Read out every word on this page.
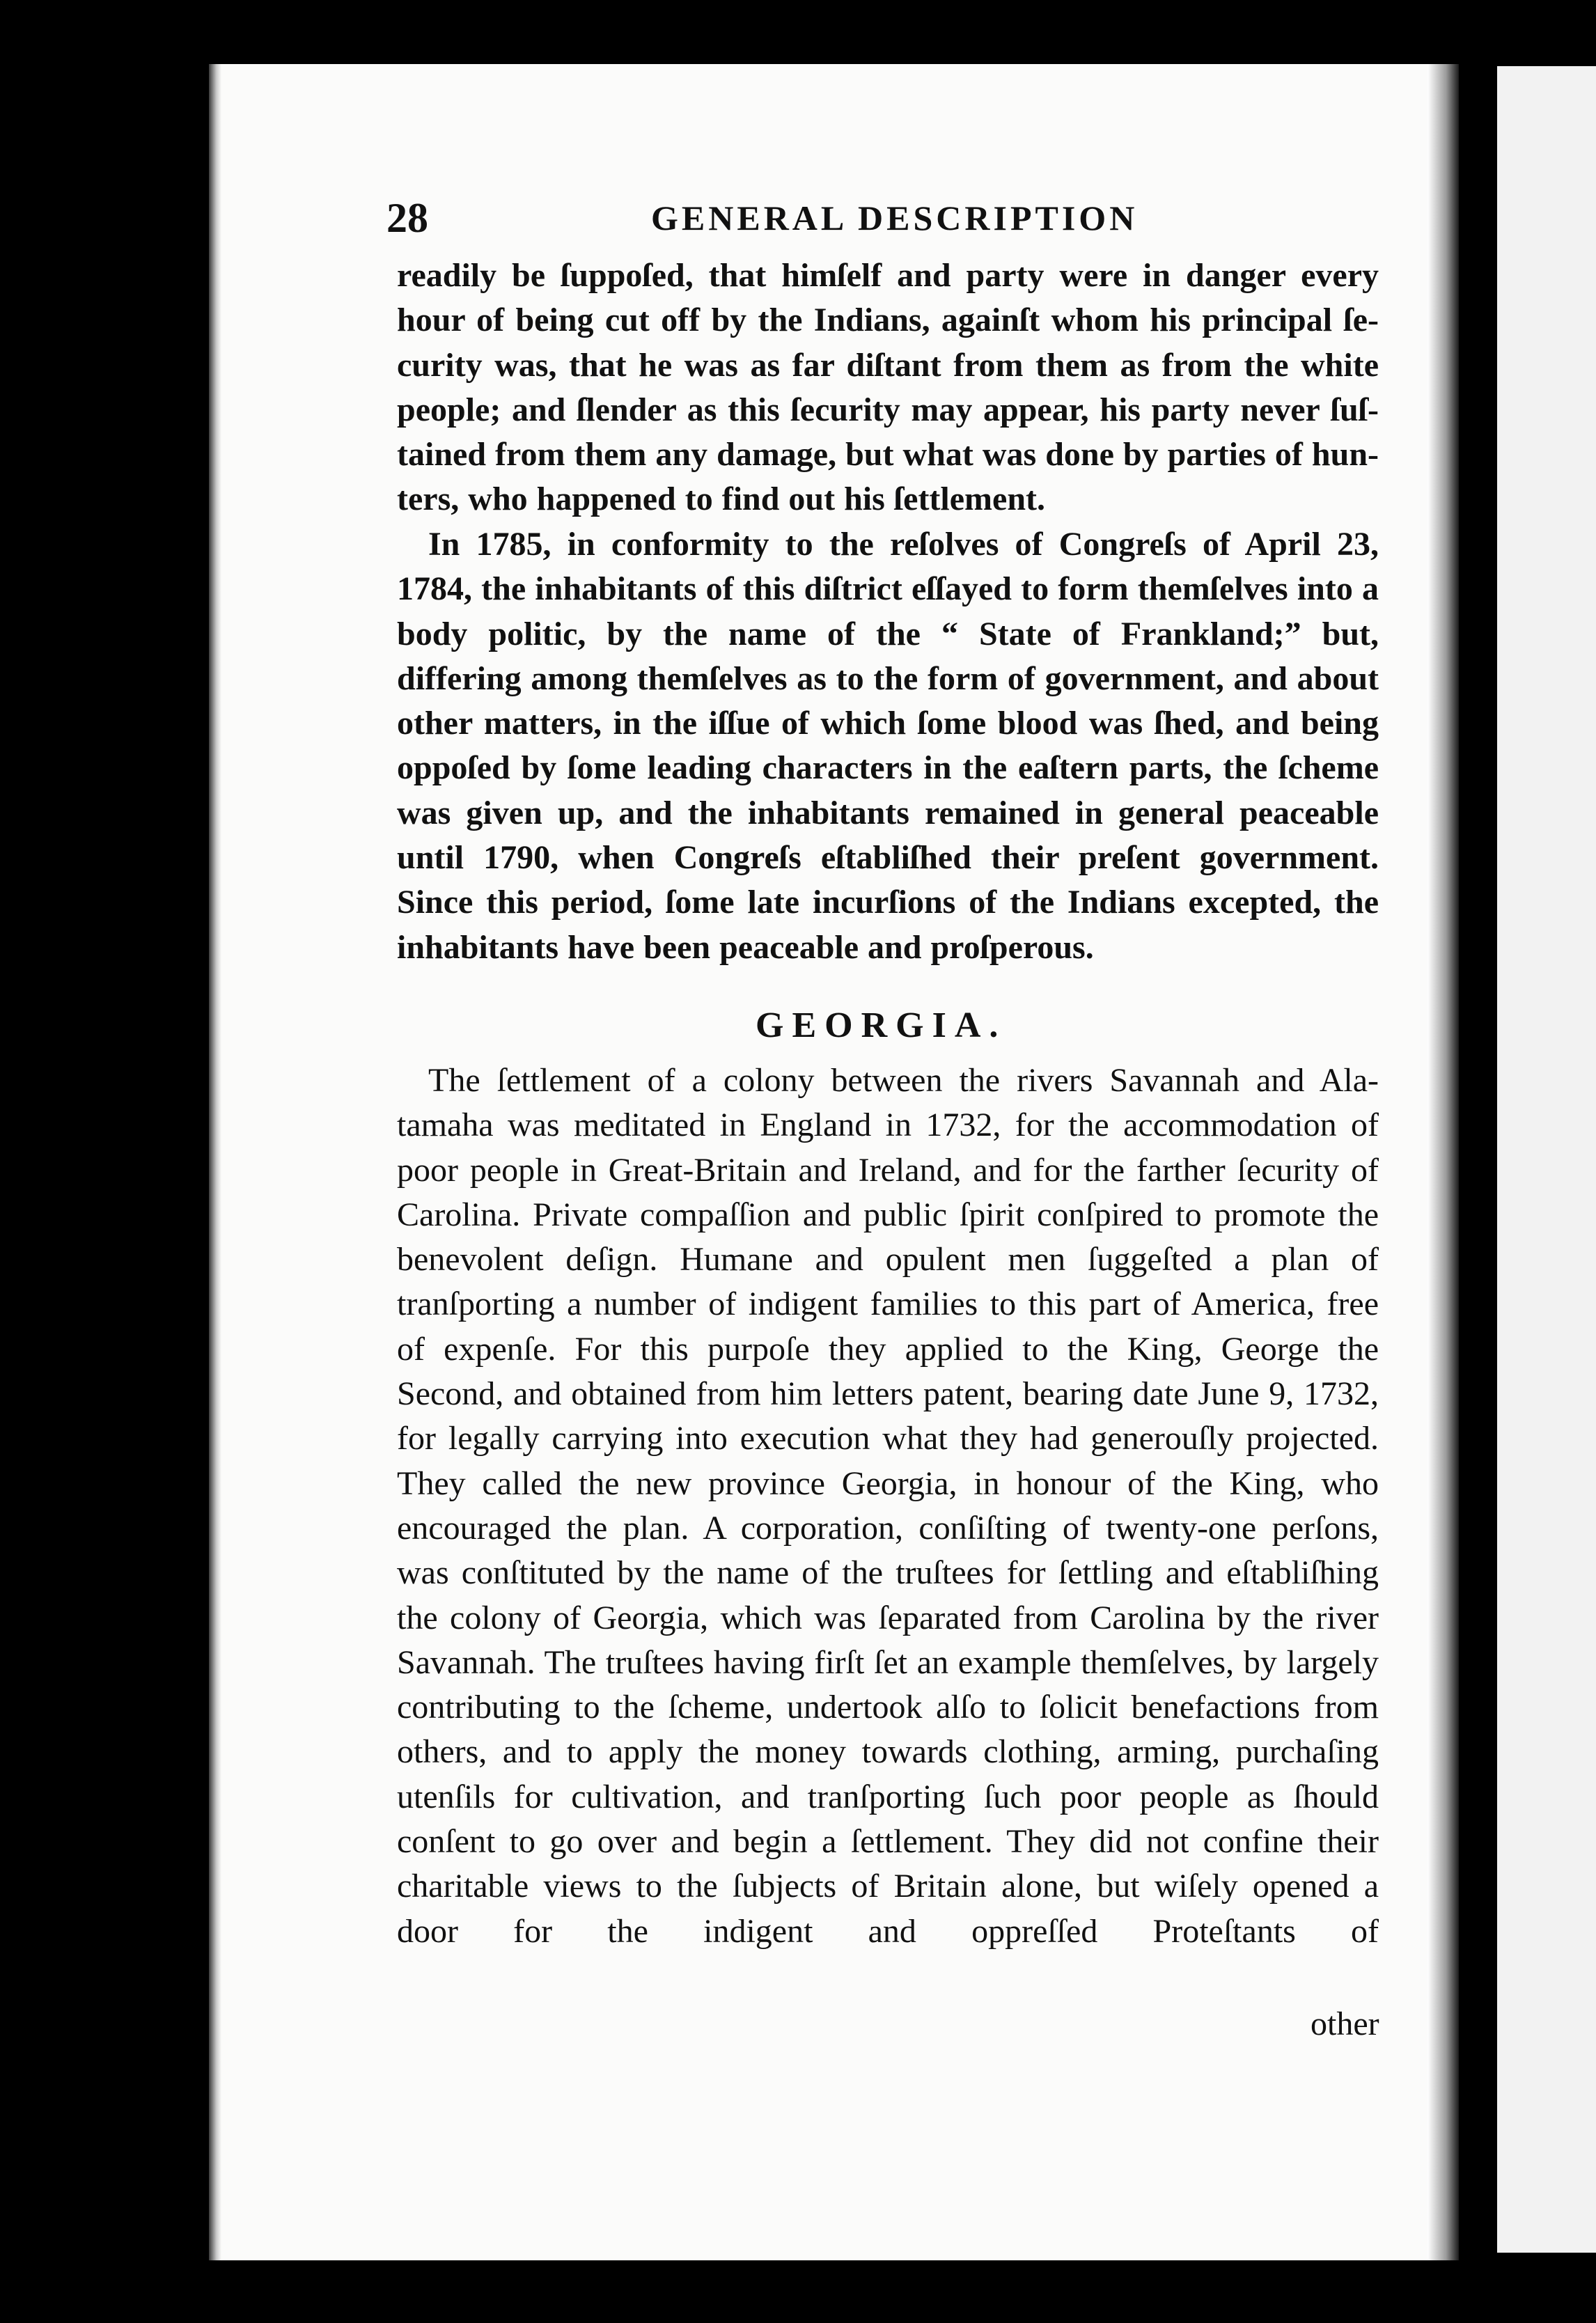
28	GENERAL DESCRIPTION

readily be ſuppoſed, that himſelf and party were in danger every hour of being cut off by the Indians, againſt whom his principal ſecurity was, that he was as far diſtant from them as from the white people; and ſlender as this ſecurity may appear, his party never ſuſtained from them any damage, but what was done by parties of hunters, who happened to find out his ſettlement.

In 1785, in conformity to the reſolves of Congreſs of April 23, 1784, the inhabitants of this diſtrict eſſayed to form themſelves into a body politic, by the name of the “ State of Frankland;” but, differing among themſelves as to the form of government, and about other matters, in the iſſue of which ſome blood was ſhed, and being oppoſed by ſome leading characters in the eaſtern parts, the ſcheme was given up, and the inhabitants remained in general peaceable until 1790, when Congreſs eſtabliſhed their preſent government. Since this period, ſome late incurſions of the Indians excepted, the inhabitants have been peaceable and proſperous.

GEORGIA.

The ſettlement of a colony between the rivers Savannah and Alatamaha was meditated in England in 1732, for the accommodation of poor people in Great-Britain and Ireland, and for the farther ſecurity of Carolina. Private compaſſion and public ſpirit conſpired to promote the benevolent deſign. Humane and opulent men ſuggeſted a plan of tranſporting a number of indigent families to this part of America, free of expenſe. For this purpoſe they applied to the King, George the Second, and obtained from him letters patent, bearing date June 9, 1732, for legally carrying into execution what they had generouſly projected. They called the new province Georgia, in honour of the King, who encouraged the plan. A corporation, conſiſting of twenty-one perſons, was conſtituted by the name of the truſtees for ſettling and eſtabliſhing the colony of Georgia, which was ſeparated from Carolina by the river Savannah. The truſtees having firſt ſet an example themſelves, by largely contributing to the ſcheme, undertook alſo to ſolicit benefactions from others, and to apply the money towards clothing, arming, purchaſing utenſils for cultivation, and tranſporting ſuch poor people as ſhould conſent to go over and begin a ſettlement. They did not confine their charitable views to the ſubjects of Britain alone, but wiſely opened a door for the indigent and oppreſſed Proteſtants of

other
